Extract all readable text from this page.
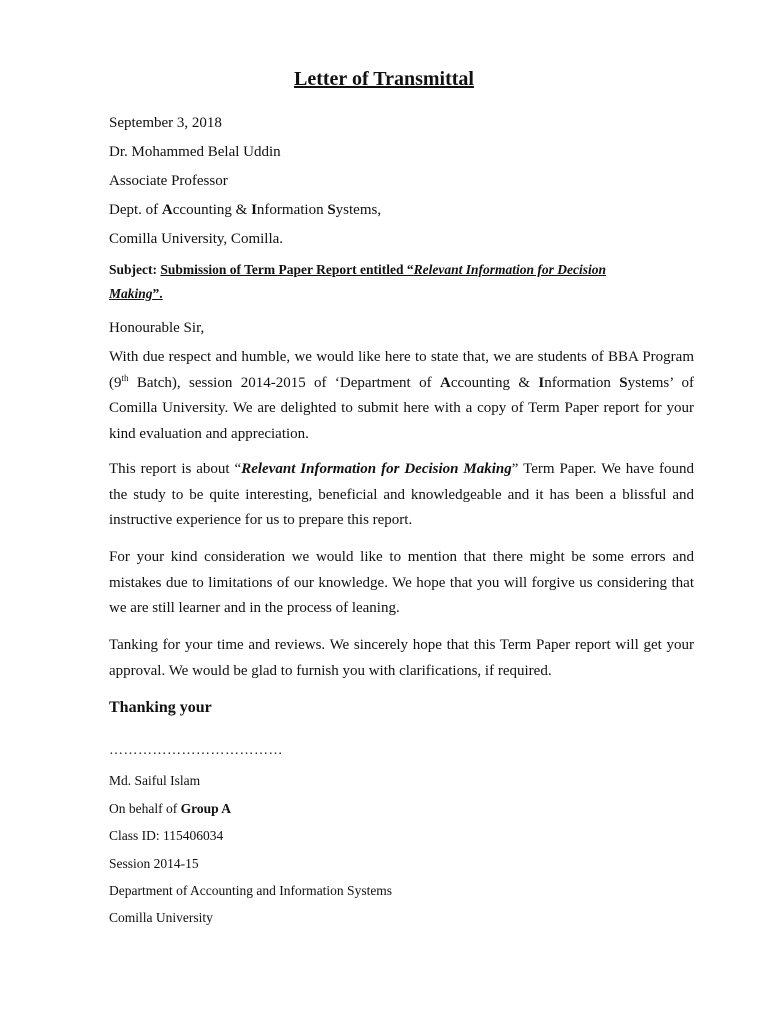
Letter of Transmittal
September 3, 2018
Dr. Mohammed Belal Uddin
Associate Professor
Dept. of Accounting & Information Systems,
Comilla University, Comilla.
Subject: Submission of Term Paper Report entitled “Relevant Information for Decision Making”.
Honourable Sir,
With due respect and humble, we would like here to state that, we are students of BBA Program (9th Batch), session 2014-2015 of ‘Department of Accounting & Information Systems’ of Comilla University. We are delighted to submit here with a copy of Term Paper report for your kind evaluation and appreciation.
This report is about “Relevant Information for Decision Making” Term Paper. We have found the study to be quite interesting, beneficial and knowledgeable and it has been a blissful and instructive experience for us to prepare this report.
For your kind consideration we would like to mention that there might be some errors and mistakes due to limitations of our knowledge. We hope that you will forgive us considering that we are still learner and in the process of leaning.
Tanking for your time and reviews. We sincerely hope that this Term Paper report will get your approval. We would be glad to furnish you with clarifications, if required.
Thanking your
………………………………
Md. Saiful Islam
On behalf of Group A
Class ID: 115406034
Session 2014-15
Department of Accounting and Information Systems
Comilla University
